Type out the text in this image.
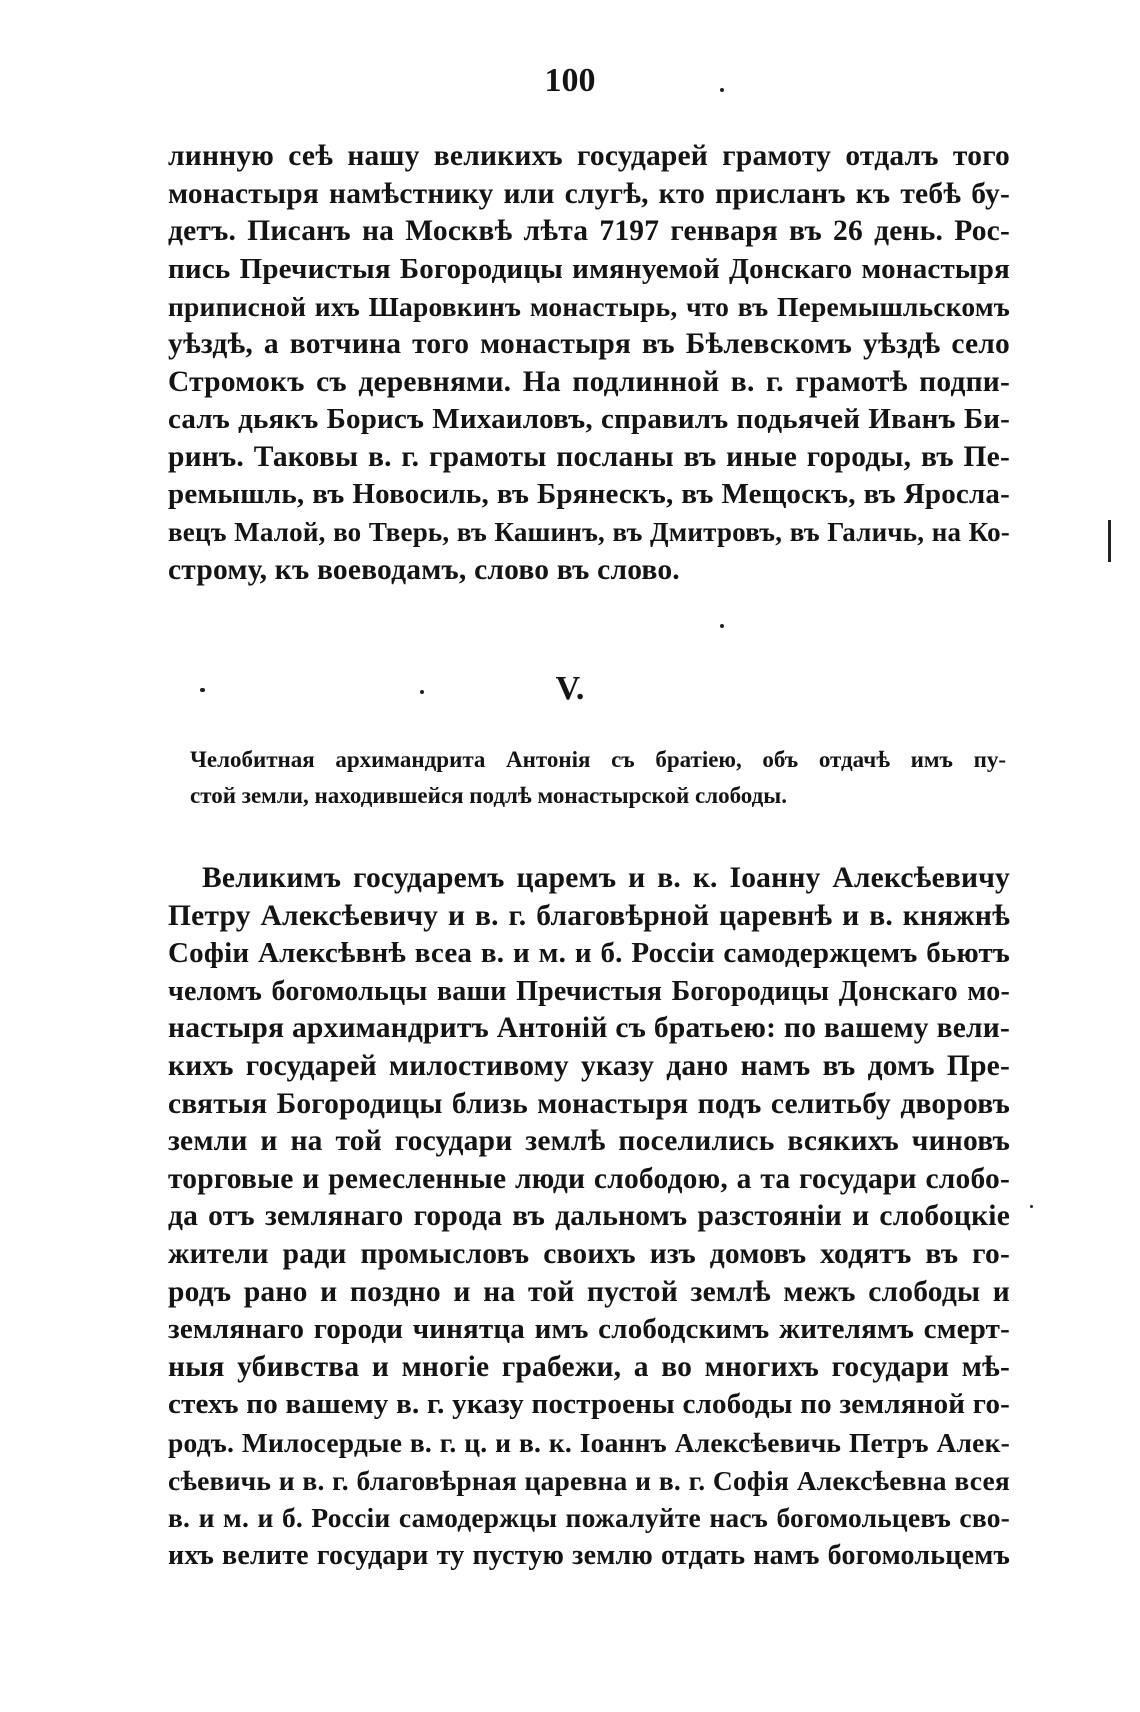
100
линную сеѣ нашу великихъ государей грамоту отдалъ того
монастыря намѣстнику или слугѣ, кто присланъ къ тебѣ бу-
детъ. Писанъ на Москвѣ лѣта 7197 генваря въ 26 день. Рос-
пись Пречистыя Богородицы имянуемой Донскаго монастыря
приписной ихъ Шаровкинъ монастырь, что въ Перемышльскомъ
уѣздѣ, а вотчина того монастыря въ Бѣлевскомъ уѣздѣ село
Стромокъ съ деревнями. На подлинной в. г. грамотѣ подпи-
салъ дьякъ Борисъ Михаиловъ, справилъ подьячей Иванъ Би-
ринъ. Таковы в. г. грамоты посланы въ иные городы, въ Пе-
ремышль, въ Новосиль, въ Брянескъ, въ Мещоскъ, въ Яросла-
вецъ Малой, во Тверь, въ Кашинъ, въ Дмитровъ, въ Галичь, на Ко-
строму, къ воеводамъ, слово въ слово.
V.
Челобитная архимандрита Антонія съ братіею, объ отдачѣ имъ пу-
стой земли, находившейся подлѣ монастырской слободы.
Великимъ государемъ царемъ и в. к. Іоанну Алексѣевичу
Петру Алексѣевичу и в. г. благовѣрной царевнѣ и в. княжнѣ
Софіи Алексѣвнѣ всеа в. и м. и б. Россіи самодержцемъ бьютъ
челомъ богомольцы ваши Пречистыя Богородицы Донскаго мо-
настыря архимандритъ Антоній съ братьею: по вашему вели-
кихъ государей милостивому указу дано намъ въ домъ Пре-
святыя Богородицы близь монастыря подъ селитьбу дворовъ
земли и на той государи землѣ поселились всякихъ чиновъ
торговые и ремесленные люди слободою, а та государи слобо-
да отъ землянаго города въ дальномъ разстояніи и слобоцкіе
жители ради промысловъ своихъ изъ домовъ ходятъ въ го-
родъ рано и поздно и на той пустой землѣ межъ слободы и
землянаго городи чинятца имъ слободскимъ жителямъ смерт-
ныя убивства и многіе грабежи, а во многихъ государи мѣ-
стехъ по вашему в. г. указу построены слободы по земляной го-
родъ. Милосердые в. г. ц. и в. к. Іоаннъ Алексѣевичь Петръ Алек-
сѣевичь и в. г. благовѣрная царевна и в. г. Софія Алексѣевна всея
в. и м. и б. Россіи самодержцы пожалуйте насъ богомольцевъ сво-
ихъ велите государи ту пустую землю отдать намъ богомольцемъ
